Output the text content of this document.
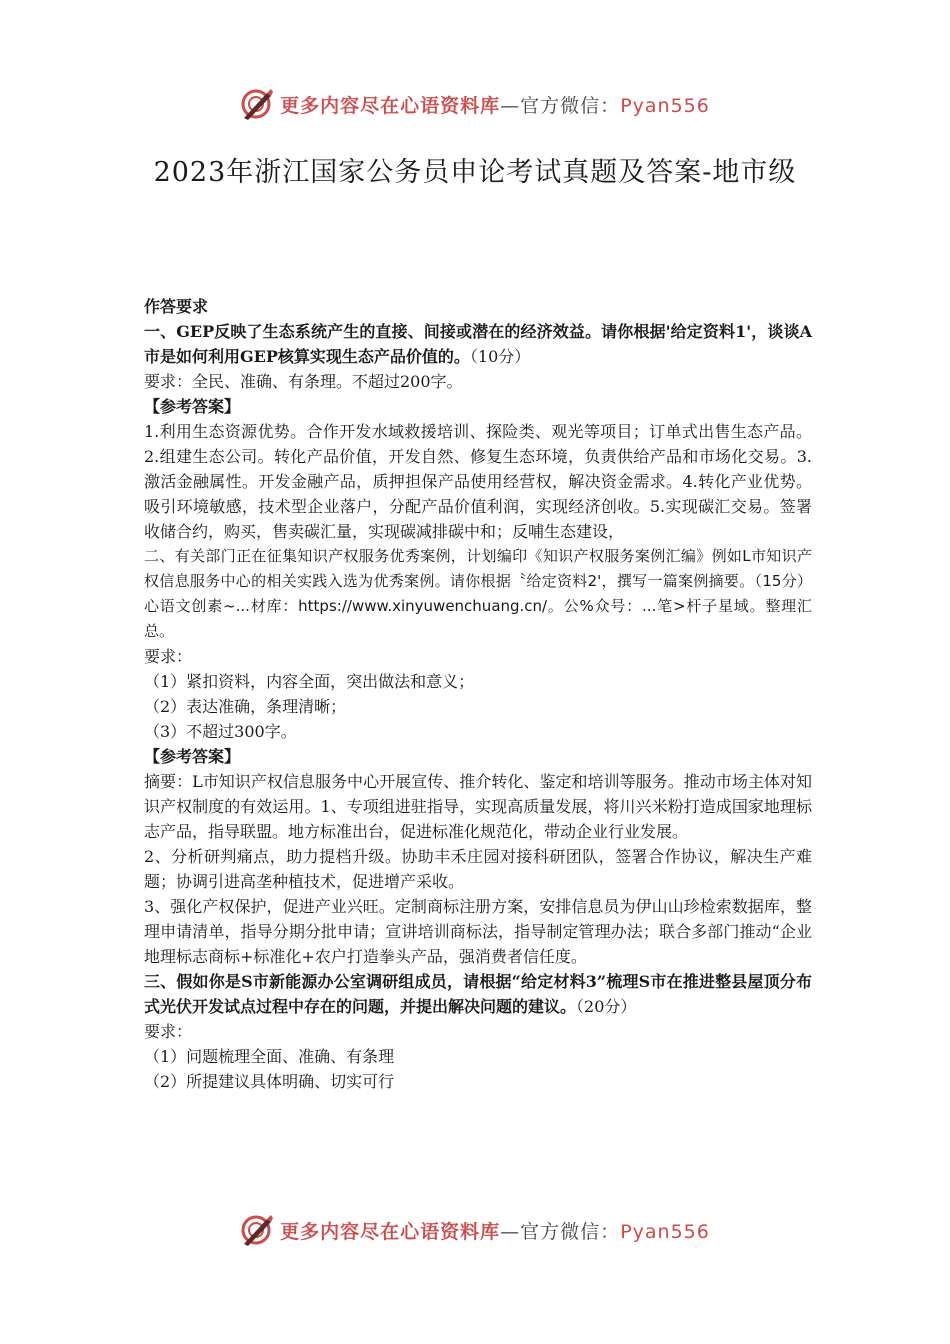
更多内容尽在心语资料库—官方微信：Pyan556
2023年浙江国家公务员申论考试真题及答案-地市级

作答要求

一、GEP反映了生态系统产生的直接、间接或潜在的经济效益。请你根据'给定资料1'，谈谈A市是如何利用GEP核算实现生态产品价值的。（10分）

要求：全民、准确、有条理。不超过200字。

【参考答案】

1.利用生态资源优势。合作开发水域救援培训、探险类、观光等项目；订单式出售生态产品。2.组建生态公司。转化产品价值，开发自然、修复生态环境，负责供给产品和市场化交易。3.激活金融属性。开发金融产品，质押担保产品使用经营权，解决资金需求。4.转化产业优势。吸引环境敏感，技术型企业落户，分配产品价值利润，实现经济创收。5.实现碳汇交易。签署收储合约，购买，售卖碳汇量，实现碳减排碳中和；反哺生态建设，

二、有关部门正在征集知识产权服务优秀案例，计划编印《知识产权服务案例汇编》例如L市知识产权信息服务中心的相关实践入选为优秀案例。请你根据〝给定资料2'，撰写一篇案例摘要。（15分）心语文创素~...材库：https://www.xinyuwenchuang.cn/。公%众号：...笔>杆子星域。整理汇总。

要求：

（1）紧扣资料，内容全面，突出做法和意义；

（2）表达准确，条理清晰；

（3）不超过300字。

【参考答案】

摘要：L市知识产权信息服务中心开展宣传、推介转化、鉴定和培训等服务。推动市场主体对知识产权制度的有效运用。1、专项组进驻指导，实现高质量发展，将川兴米粉打造成国家地理标志产品，指导联盟。地方标准出台，促进标准化规范化，带动企业行业发展。

2、分析研判痛点，助力提档升级。协助丰禾庄园对接科研团队，签署合作协议，解决生产难题；协调引进高垄种植技术，促进增产采收。

3、强化产权保护，促进产业兴旺。定制商标注册方案，安排信息员为伊山山珍检索数据库，整理申请清单，指导分期分批申请；宣讲培训商标法，指导制定管理办法；联合多部门推动“企业地理标志商标+标准化+农户打造拳头产品，强消费者信任度。

三、假如你是S市新能源办公室调研组成员，请根据“给定材料3”梳理S市在推进整县屋顶分布式光伏开发试点过程中存在的问题，并提出解决问题的建议。（20分）

要求：

（1）问题梳理全面、准确、有条理

（2）所提建议具体明确、切实可行

更多内容尽在心语资料库—官方微信：Pyan556
